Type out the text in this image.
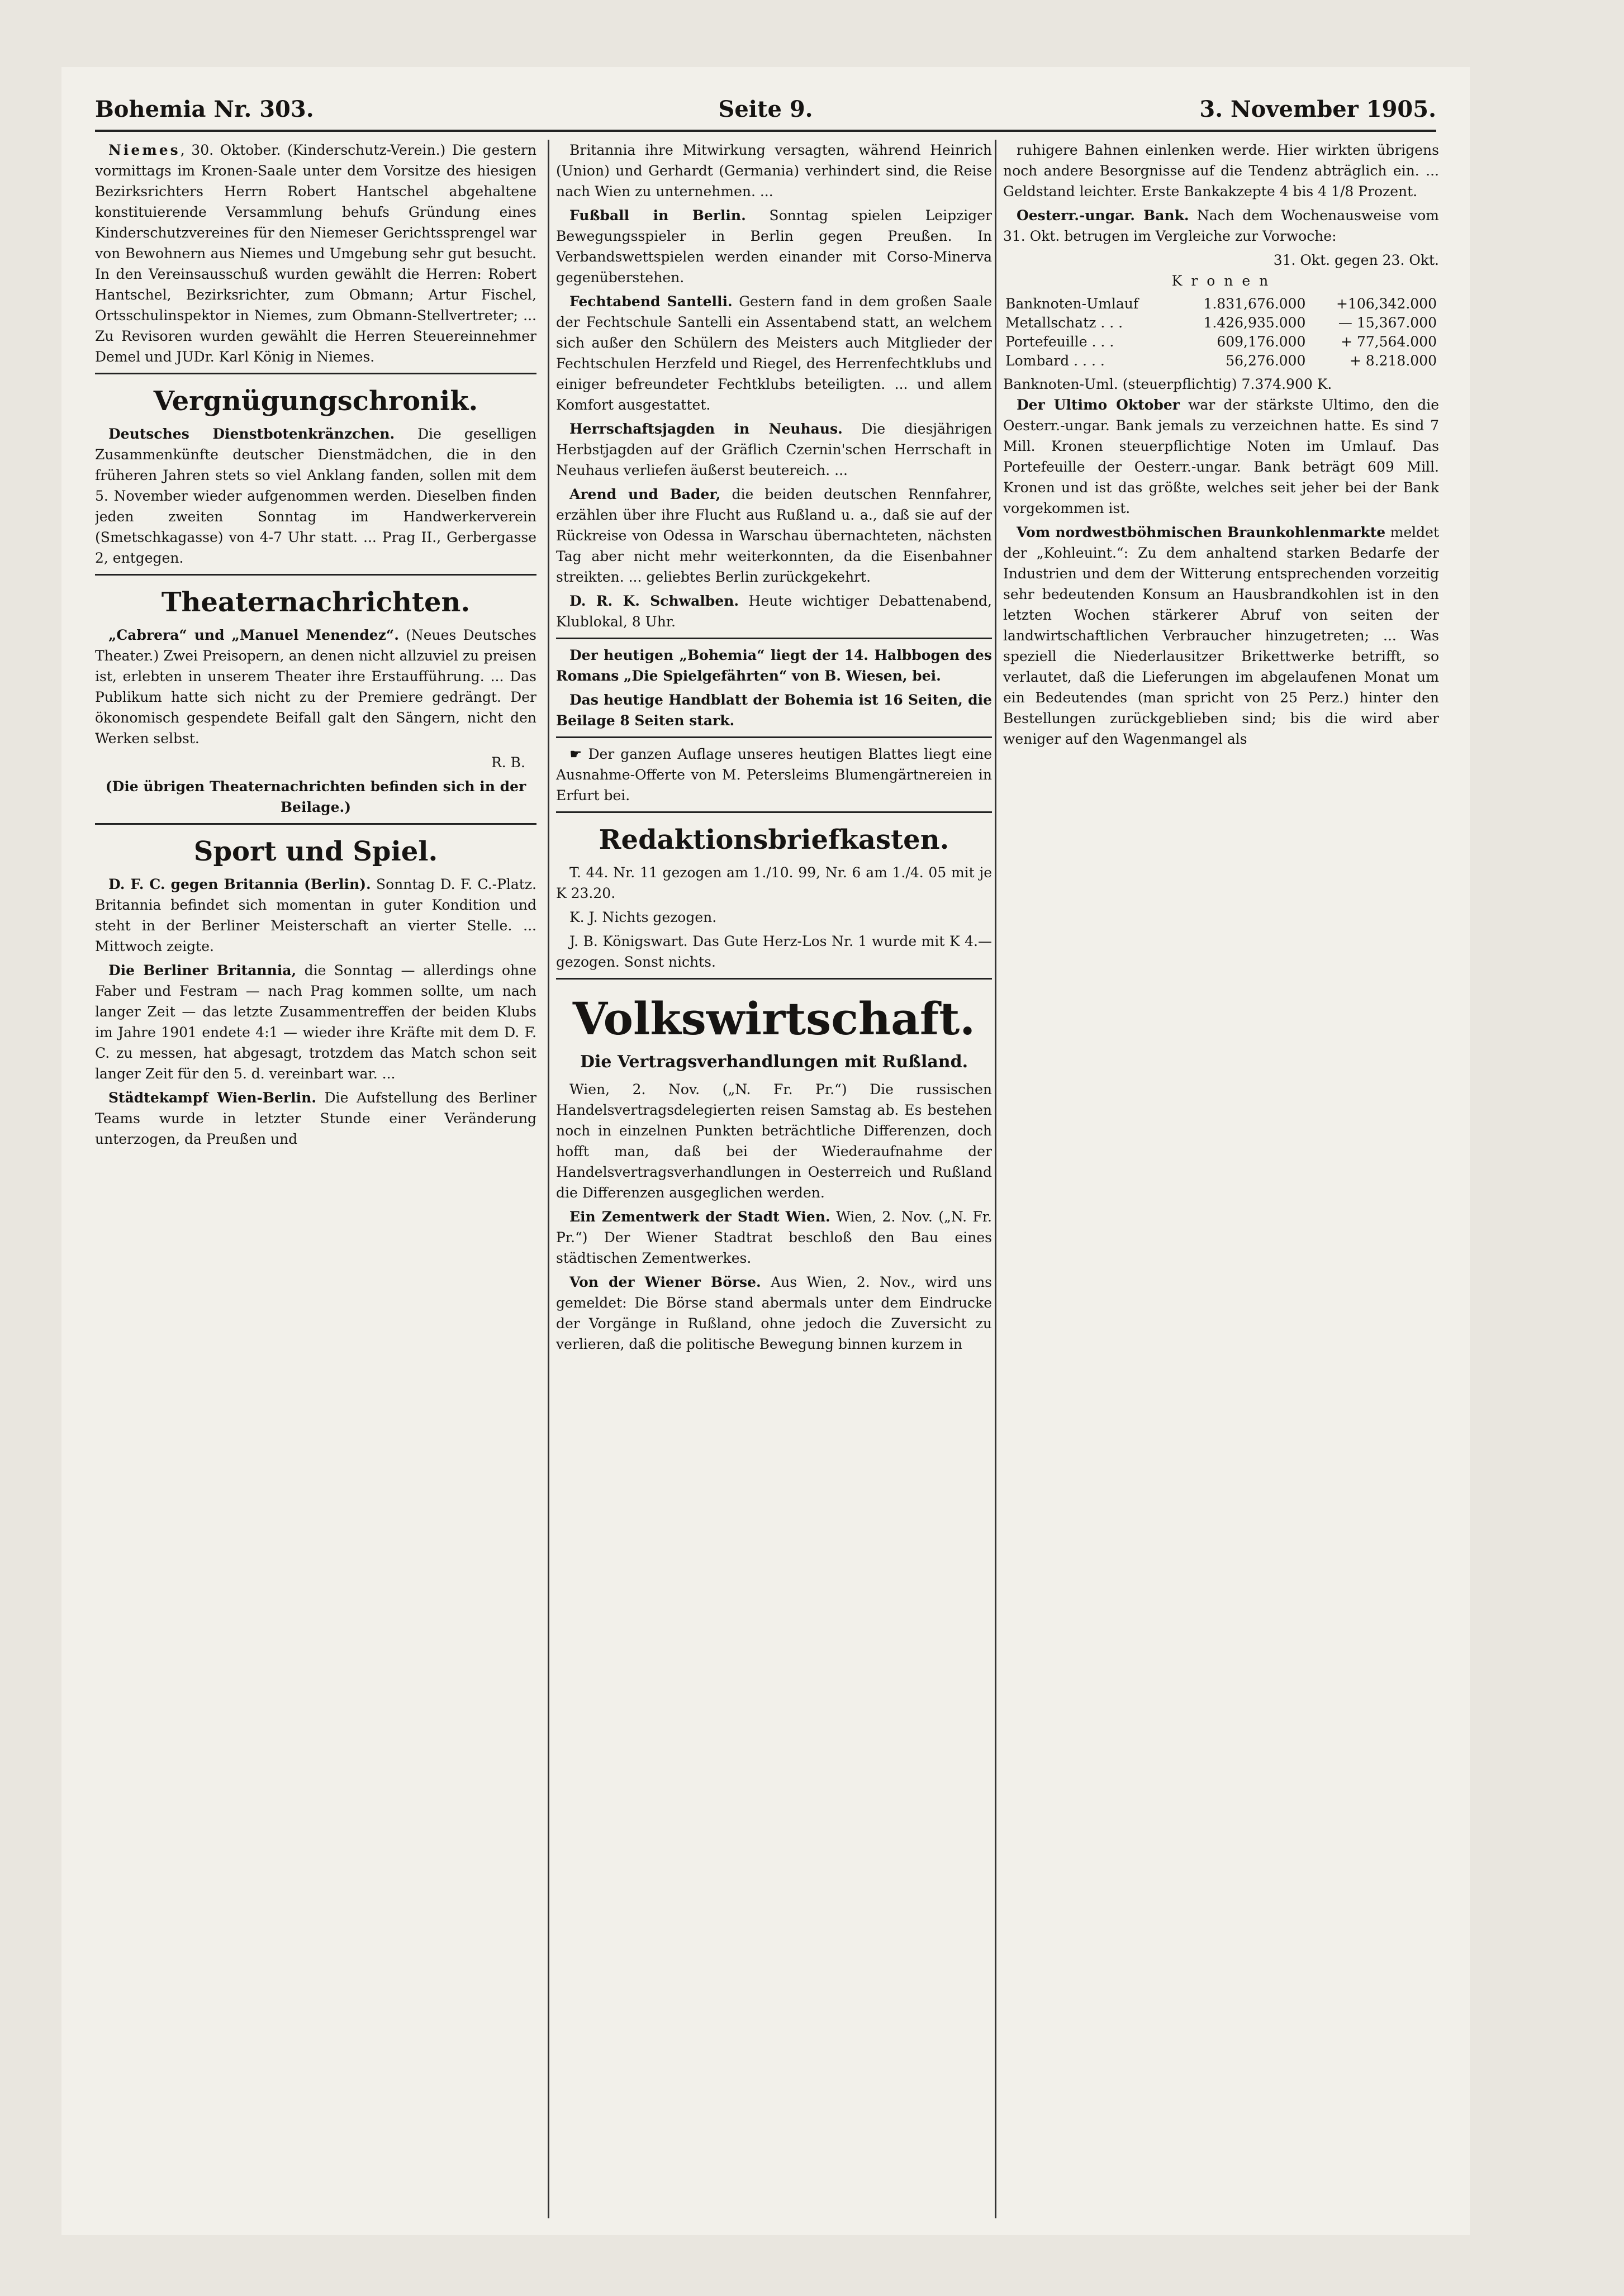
Bohemia Nr. 303.	Seite 9.	3. November 1905.

Niemes, 30. Oktober. (Kinderschutz-Verein.) Die gestern vormittags im Kronen-Saale unter dem Vorsitze des hiesigen Bezirksrichters Herrn Robert Hantschel abgehaltene konstituierende Versammlung behufs Gründung eines Kinderschutzvereines für den Niemeser Gerichtssprengel war von Bewohnern aus Niemes und Umgebung sehr gut besucht. In den Vereinsausschuß wurden gewählt die Herren: Robert Hantschel, Bezirksrichter, zum Obmann; Artur Fischel, Ortsschulinspektor in Niemes, zum Obmann-Stellvertreter; ... Zu Revisoren wurden gewählt die Herren Steuereinnehmer Demel und JUDr. Karl König in Niemes.

Vergnügungschronik.

Deutsches Dienstbotenkränzchen. Die geselligen Zusammenkünfte deutscher Dienstmädchen, die in den früheren Jahren stets so viel Anklang fanden, sollen mit dem 5. November wieder aufgenommen werden. Dieselben finden jeden zweiten Sonntag im Handwerkerverein (Smetschkagasse) von 4-7 Uhr statt. ... Prag II., Gerbergasse 2, entgegen.

Theaternachrichten.

„Cabrera“ und „Manuel Menendez“. (Neues Deutsches Theater.) Zwei Preisopern, an denen nicht allzuviel zu preisen ist, erlebten in unserem Theater ihre Erstaufführung. ... Das Publikum hatte sich nicht zu der Premiere gedrängt. Der ökonomisch gespendete Beifall galt den Sängern, nicht den Werken selbst.

R. B.
(Die übrigen Theaternachrichten befinden sich in der Beilage.)
Sport und Spiel.

D. F. C. gegen Britannia (Berlin). Sonntag D. F. C.-Platz. Britannia befindet sich momentan in guter Kondition und steht in der Berliner Meisterschaft an vierter Stelle. ... Mittwoch zeigte.

Die Berliner Britannia, die Sonntag — allerdings ohne Faber und Festram — nach Prag kommen sollte, um nach langer Zeit — das letzte Zusammentreffen der beiden Klubs im Jahre 1901 endete 4:1 — wieder ihre Kräfte mit dem D. F. C. zu messen, hat abgesagt, trotzdem das Match schon seit langer Zeit für den 5. d. vereinbart war. ...

Städtekampf Wien-Berlin. Die Aufstellung des Berliner Teams wurde in letzter Stunde einer Veränderung unterzogen, da Preußen und

Britannia ihre Mitwirkung versagten, während Heinrich (Union) und Gerhardt (Germania) verhindert sind, die Reise nach Wien zu unternehmen. ...

Fußball in Berlin. Sonntag spielen Leipziger Bewegungsspieler in Berlin gegen Preußen. In Verbandswettspielen werden einander mit Corso-Minerva gegenüberstehen.

Fechtabend Santelli. Gestern fand in dem großen Saale der Fechtschule Santelli ein Assentabend statt, an welchem sich außer den Schülern des Meisters auch Mitglieder der Fechtschulen Herzfeld und Riegel, des Herrenfechtklubs und einiger befreundeter Fechtklubs beteiligten. ... und allem Komfort ausgestattet.

Herrschaftsjagden in Neuhaus. Die diesjährigen Herbstjagden auf der Gräflich Czernin'schen Herrschaft in Neuhaus verliefen äußerst beutereich. ...

Arend und Bader, die beiden deutschen Rennfahrer, erzählen über ihre Flucht aus Rußland u. a., daß sie auf der Rückreise von Odessa in Warschau übernachteten, nächsten Tag aber nicht mehr weiterkonnten, da die Eisenbahner streikten. ... geliebtes Berlin zurückgekehrt.

D. R. K. Schwalben. Heute wichtiger Debattenabend, Klublokal, 8 Uhr.

Der heutigen „Bohemia“ liegt der 14. Halbbogen des Romans „Die Spielgefährten“ von B. Wiesen, bei.

Das heutige Handblatt der Bohemia ist 16 Seiten, die Beilage 8 Seiten stark.

☛ Der ganzen Auflage unseres heutigen Blattes liegt eine Ausnahme-Offerte von M. Petersleims Blumengärtnereien in Erfurt bei.

Redaktionsbriefkasten.

T. 44. Nr. 11 gezogen am 1./10. 99, Nr. 6 am 1./4. 05 mit je K 23.20.

K. J. Nichts gezogen.

J. B. Königswart. Das Gute Herz-Los Nr. 1 wurde mit K 4.— gezogen. Sonst nichts.

Volkswirtschaft.
Die Vertragsverhandlungen mit Rußland.

Wien, 2. Nov. („N. Fr. Pr.“) Die russischen Handelsvertragsdelegierten reisen Samstag ab. Es bestehen noch in einzelnen Punkten beträchtliche Differenzen, doch hofft man, daß bei der Wiederaufnahme der Handelsvertragsverhandlungen in Oesterreich und Rußland die Differenzen ausgeglichen werden.

Ein Zementwerk der Stadt Wien. Wien, 2. Nov. („N. Fr. Pr.“) Der Wiener Stadtrat beschloß den Bau eines städtischen Zementwerkes.

Von der Wiener Börse. Aus Wien, 2. Nov., wird uns gemeldet: Die Börse stand abermals unter dem Eindrucke der Vorgänge in Rußland, ohne jedoch die Zuversicht zu verlieren, daß die politische Bewegung binnen kurzem in

ruhigere Bahnen einlenken werde. Hier wirkten übrigens noch andere Besorgnisse auf die Tendenz abträglich ein. ... Geldstand leichter. Erste Bankakzepte 4 bis 4 1/8 Prozent.

Oesterr.-ungar. Bank. Nach dem Wochenausweise vom 31. Okt. betrugen im Vergleiche zur Vorwoche:

31. Okt. gegen 23. Okt.
K r o n e n
Banknoten-Umlauf	1.831,676.000	+106,342.000
Metallschatz . . .	1.426,935.000	— 15,367.000
Portefeuille . . .	609,176.000	+ 77,564.000
Lombard . . . .	56,276.000	+ 8.218.000
Banknoten-Uml. (steuerpflichtig) 7.374.900 K.

Der Ultimo Oktober war der stärkste Ultimo, den die Oesterr.-ungar. Bank jemals zu verzeichnen hatte. Es sind 7 Mill. Kronen steuerpflichtige Noten im Umlauf. Das Portefeuille der Oesterr.-ungar. Bank beträgt 609 Mill. Kronen und ist das größte, welches seit jeher bei der Bank vorgekommen ist.

Vom nordwestböhmischen Braunkohlenmarkte meldet der „Kohleuint.“: Zu dem anhaltend starken Bedarfe der Industrien und dem der Witterung entsprechenden vorzeitig sehr bedeutenden Konsum an Hausbrandkohlen ist in den letzten Wochen stärkerer Abruf von seiten der landwirtschaftlichen Verbraucher hinzugetreten; ... Was speziell die Niederlausitzer Brikettwerke betrifft, so verlautet, daß die Lieferungen im abgelaufenen Monat um ein Bedeutendes (man spricht von 25 Perz.) hinter den Bestellungen zurückgeblieben sind; bis die wird aber weniger auf den Wagenmangel als
